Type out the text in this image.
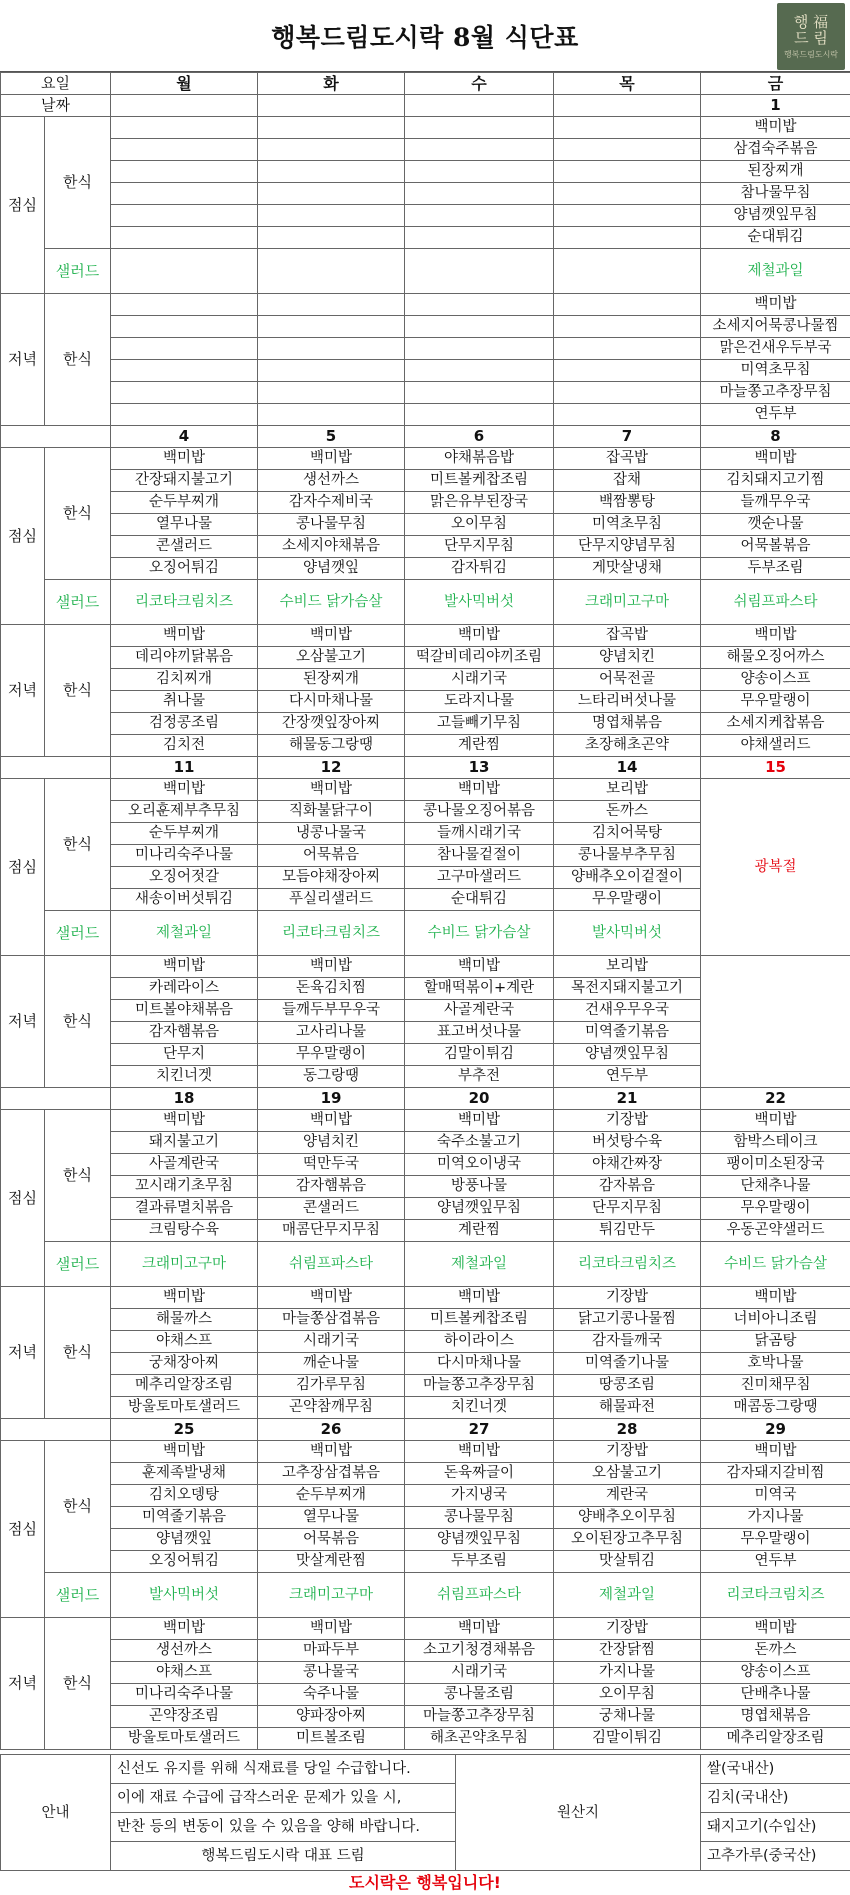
행복드림도시락 8월 식단표
행 福
드 림
행복드림도시락
요일		월	화	수	목	금
날짜						1
점심	한식					백미밥
						삼겹숙주볶음
						된장찌개
						참나물무침
						양념깻잎무침
						순대튀김
	샐러드					제철과일
저녁	한식					백미밥
						소세지어묵콩나물찜
						맑은건새우두부국
						미역초무침
						마늘쫑고추장무침
						연두부
		4	5	6	7	8
점심	한식	백미밥	백미밥	야채볶음밥	잡곡밥	백미밥
		간장돼지불고기	생선까스	미트볼케찹조림	잡채	김치돼지고기찜
		순두부찌개	감자수제비국	맑은유부된장국	백짬뽕탕	들깨무우국
		열무나물	콩나물무침	오이무침	미역초무침	깻순나물
		콘샐러드	소세지야채볶음	단무지무침	단무지양념무침	어묵볼볶음
		오징어튀김	양념깻잎	감자튀김	게맛살냉채	두부조림
	샐러드	리코타크림치즈	수비드 닭가슴살	발사믹버섯	크래미고구마	쉬림프파스타
저녁	한식	백미밥	백미밥	백미밥	잡곡밥	백미밥
		데리야끼닭볶음	오삼불고기	떡갈비데리야끼조림	양념치킨	해물오징어까스
		김치찌개	된장찌개	시래기국	어묵전골	양송이스프
		취나물	다시마채나물	도라지나물	느타리버섯나물	무우말랭이
		검정콩조림	간장깻잎장아찌	고들빼기무침	명엽채볶음	소세지케찹볶음
		김치전	해물동그랑땡	계란찜	초장해초곤약	야채샐러드
		11	12	13	14	15
점심	한식	백미밥	백미밥	백미밥	보리밥	광복절
		오리훈제부추무침	직화불닭구이	콩나물오징어볶음	돈까스	
		순두부찌개	냉콩나물국	들깨시래기국	김치어묵탕	
		미나리숙주나물	어묵볶음	참나물겉절이	콩나물부추무침	
		오징어젓갈	모듬야채장아찌	고구마샐러드	양배추오이겉절이	
		새송이버섯튀김	푸실리샐러드	순대튀김	무우말랭이	
	샐러드	제철과일	리코타크림치즈	수비드 닭가슴살	발사믹버섯	
저녁	한식	백미밥	백미밥	백미밥	보리밥	
		카레라이스	돈육김치찜	할매떡볶이+계란	목전지돼지불고기	
		미트볼야채볶음	들깨두부무우국	사골계란국	건새우무우국	
		감자햄볶음	고사리나물	표고버섯나물	미역줄기볶음	
		단무지	무우말랭이	김말이튀김	양념깻잎무침	
		치킨너겟	동그랑땡	부추전	연두부	
		18	19	20	21	22
점심	한식	백미밥	백미밥	백미밥	기장밥	백미밥
		돼지불고기	양념치킨	숙주소불고기	버섯탕수육	함박스테이크
		사골계란국	떡만두국	미역오이냉국	야채간짜장	팽이미소된장국
		꼬시래기초무침	감자햄볶음	방풍나물	감자볶음	단채추나물
		결과류멸치볶음	콘샐러드	양념깻잎무침	단무지무침	무우말랭이
		크림탕수육	매콤단무지무침	계란찜	튀김만두	우동곤약샐러드
	샐러드	크래미고구마	쉬림프파스타	제철과일	리코타크림치즈	수비드 닭가슴살
저녁	한식	백미밥	백미밥	백미밥	기장밥	백미밥
		해물까스	마늘쫑삼겹볶음	미트볼케찹조림	닭고기콩나물찜	너비아니조림
		야채스프	시래기국	하이라이스	감자들깨국	닭곰탕
		궁채장아찌	깨순나물	다시마채나물	미역줄기나물	호박나물
		메추리알장조림	김가루무침	마늘쫑고추장무침	땅콩조림	진미채무침
		방울토마토샐러드	곤약참깨무침	치킨너겟	해물파전	매콤동그랑땡
		25	26	27	28	29
점심	한식	백미밥	백미밥	백미밥	기장밥	백미밥
		훈제족발냉채	고추장삼겹볶음	돈육짜글이	오삼불고기	감자돼지갈비찜
		김치오뎅탕	순두부찌개	가지냉국	계란국	미역국
		미역줄기볶음	열무나물	콩나물무침	양배추오이무침	가지나물
		양념깻잎	어묵볶음	양념깻잎무침	오이된장고추무침	무우말랭이
		오징어튀김	맛살계란찜	두부조림	맛살튀김	연두부
	샐러드	발사믹버섯	크래미고구마	쉬림프파스타	제철과일	리코타크림치즈
저녁	한식	백미밥	백미밥	백미밥	기장밥	백미밥
		생선까스	마파두부	소고기청경채볶음	간장닭찜	돈까스
		야채스프	콩나물국	시래기국	가지나물	양송이스프
		미나리숙주나물	숙주나물	콩나물조림	오이무침	단배추나물
		곤약장조림	양파장아찌	마늘쫑고추장무침	궁채나물	명엽채볶음
		방울토마토샐러드	미트볼조림	해초곤약초무침	김말이튀김	메추리알장조림
안내	신선도 유지를 위해 식재료를 당일 수급합니다.	원산지	쌀(국내산)
	이에 재료 수급에 급작스러운 문제가 있을 시,		김치(국내산)
	반찬 등의 변동이 있을 수 있음을 양해 바랍니다.		돼지고기(수입산)
	행복드림도시락 대표 드림		고추가루(중국산)
도시락은 행복입니다!
